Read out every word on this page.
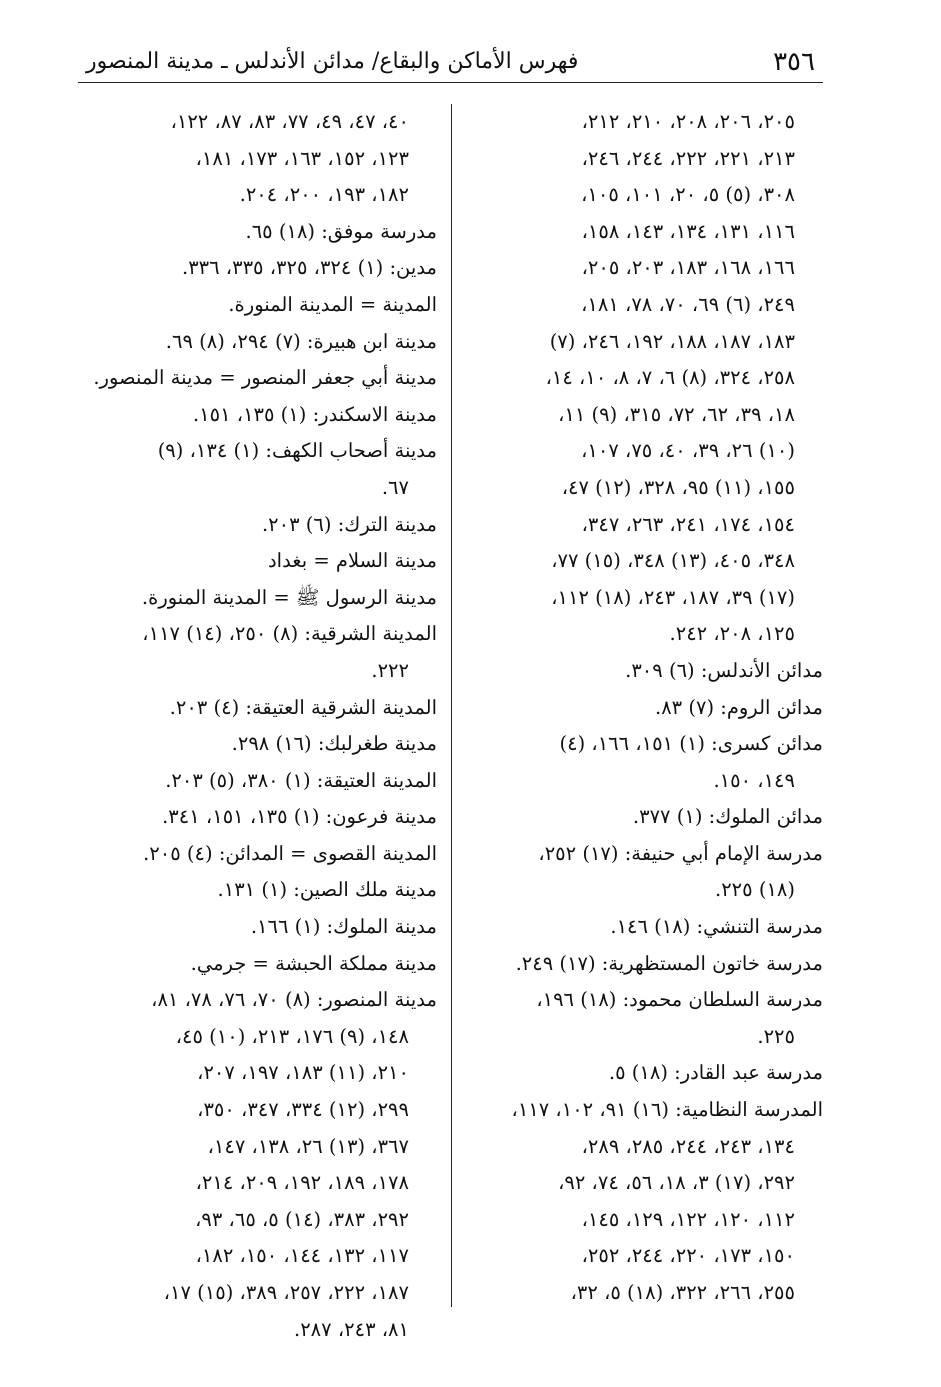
٣٥٦
فهرس الأماكن والبقاع/ مدائن الأندلس ـ مدينة المنصور
٢٠٥، ٢٠٦، ٢٠٨، ٢١٠، ٢١٢،
٢١٣، ٢٢١، ٢٢٢، ٢٤٤، ٢٤٦،
٣٠٨، (٥) ٥، ٢٠، ١٠١، ١٠٥،
١١٦، ١٣١، ١٣٤، ١٤٣، ١٥٨،
١٦٦، ١٦٨، ١٨٣، ٢٠٣، ٢٠٥،
٢٤٩، (٦) ٦٩، ٧٠، ٧٨، ١٨١،
١٨٣، ١٨٧، ١٨٨، ١٩٢، ٢٤٦، (٧)
٢٥٨، ٣٢٤، (٨) ٦، ٧، ٨، ١٠، ١٤،
١٨، ٣٩، ٦٢، ٧٢، ٣١٥، (٩) ١١،
(١٠) ٢٦، ٣٩، ٤٠، ٧٥، ١٠٧،
١٥٥، (١١) ٩٥، ٣٢٨، (١٢) ٤٧،
١٥٤، ١٧٤، ٢٤١، ٢٦٣، ٣٤٧،
٣٤٨، ٤٠٥، (١٣) ٣٤٨، (١٥) ٧٧،
(١٧) ٣٩، ١٨٧، ٢٤٣، (١٨) ١١٢،
١٢٥، ٢٠٨، ٢٤٢.
مدائن الأندلس: (٦) ٣٠٩.
مدائن الروم: (٧) ٨٣.
مدائن كسرى: (١) ١٥١، ١٦٦، (٤)
١٤٩، ١٥٠.
مدائن الملوك: (١) ٣٧٧.
مدرسة الإمام أبي حنيفة: (١٧) ٢٥٢،
(١٨) ٢٢٥.
مدرسة التنشي: (١٨) ١٤٦.
مدرسة خاتون المستظهرية: (١٧) ٢٤٩.
مدرسة السلطان محمود: (١٨) ١٩٦،
٢٢٥.
مدرسة عبد القادر: (١٨) ٥.
المدرسة النظامية: (١٦) ٩١، ١٠٢، ١١٧،
١٣٤، ٢٤٣، ٢٤٤، ٢٨٥، ٢٨٩،
٢٩٢، (١٧) ٣، ١٨، ٥٦، ٧٤، ٩٢،
١١٢، ١٢٠، ١٢٢، ١٢٩، ١٤٥،
١٥٠، ١٧٣، ٢٢٠، ٢٤٤، ٢٥٢،
٢٥٥، ٢٦٦، ٣٢٢، (١٨) ٥، ٣٢،
٤٠، ٤٧، ٤٩، ٧٧، ٨٣، ٨٧، ١٢٢،
١٢٣، ١٥٢، ١٦٣، ١٧٣، ١٨١،
١٨٢، ١٩٣، ٢٠٠، ٢٠٤.
مدرسة موفق: (١٨) ٦٥.
مدين: (١) ٣٢٤، ٣٢٥، ٣٣٥، ٣٣٦.
المدينة = المدينة المنورة.
مدينة ابن هبيرة: (٧) ٢٩٤، (٨) ٦٩.
مدينة أبي جعفر المنصور = مدينة المنصور.
مدينة الاسكندر: (١) ١٣٥، ١٥١.
مدينة أصحاب الكهف: (١) ١٣٤، (٩)
٦٧.
مدينة الترك: (٦) ٢٠٣.
مدينة السلام = بغداد
مدينة الرسول ﷺ = المدينة المنورة.
المدينة الشرقية: (٨) ٢٥٠، (١٤) ١١٧،
٢٢٢.
المدينة الشرقية العتيقة: (٤) ٢٠٣.
مدينة طغرلبك: (١٦) ٢٩٨.
المدينة العتيقة: (١) ٣٨٠، (٥) ٢٠٣.
مدينة فرعون: (١) ١٣٥، ١٥١، ٣٤١.
المدينة القصوى = المدائن: (٤) ٢٠٥.
مدينة ملك الصين: (١) ١٣١.
مدينة الملوك: (١) ١٦٦.
مدينة مملكة الحبشة = جرمي.
مدينة المنصور: (٨) ٧٠، ٧٦، ٧٨، ٨١،
١٤٨، (٩) ١٧٦، ٢١٣، (١٠) ٤٥،
٢١٠، (١١) ١٨٣، ١٩٧، ٢٠٧،
٢٩٩، (١٢) ٣٣٤، ٣٤٧، ٣٥٠،
٣٦٧، (١٣) ٢٦، ١٣٨، ١٤٧،
١٧٨، ١٨٩، ١٩٢، ٢٠٩، ٢١٤،
٢٩٢، ٣٨٣، (١٤) ٥، ٦٥، ٩٣،
١١٧، ١٣٢، ١٤٤، ١٥٠، ١٨٢،
١٨٧، ٢٢٢، ٢٥٧، ٣٨٩، (١٥) ١٧،
٨١، ٢٤٣، ٢٨٧.
